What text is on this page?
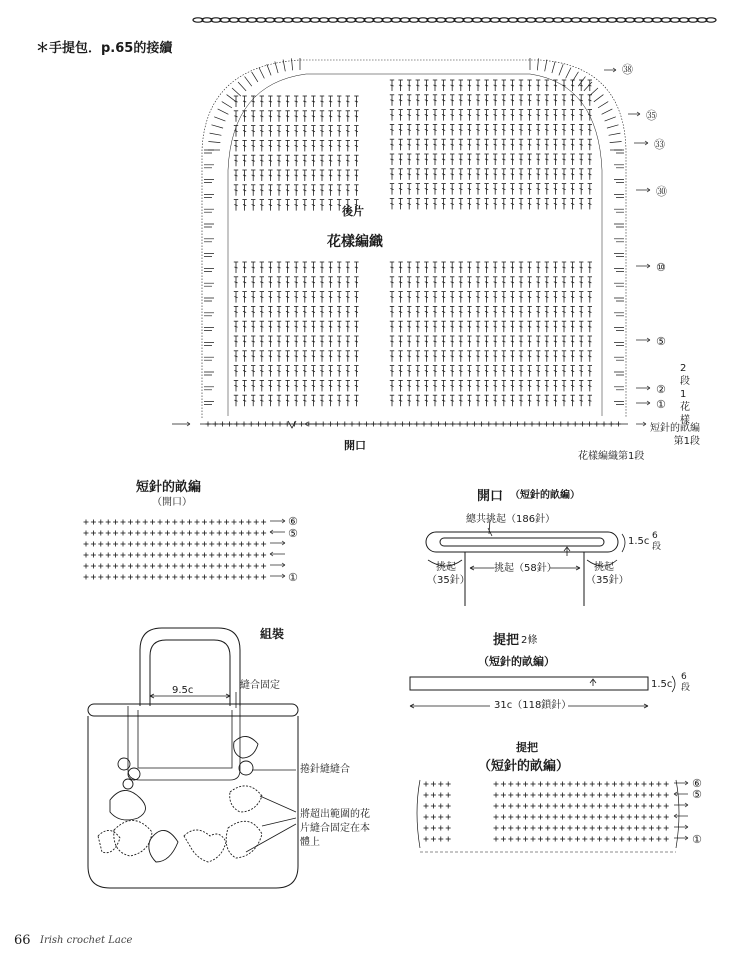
＊手提包．p.65的接續
後片
花樣編織
開口
㊳
㉟
㉝
㉚
⑩
⑤
②
①
2段1花樣
短針的畝編
第1段
花樣編織第1段
短針的畝編
（開口）
⑥
⑤
①
開口 （短針的畝編）
總共挑起（186針）
1.5c 6段
挑起
（35針）
挑起（58針）	挑起
（35針）
提把 2條
（短針的畝編）
1.5c
6段
31c（118鎖針）
組裝
9.5c	縫合固定
捲針縫縫合
將超出範圍的花
片縫合固定在本
體上
提把
（短針的畝編）
⑥
⑤
①
66 Irish crochet Lace
